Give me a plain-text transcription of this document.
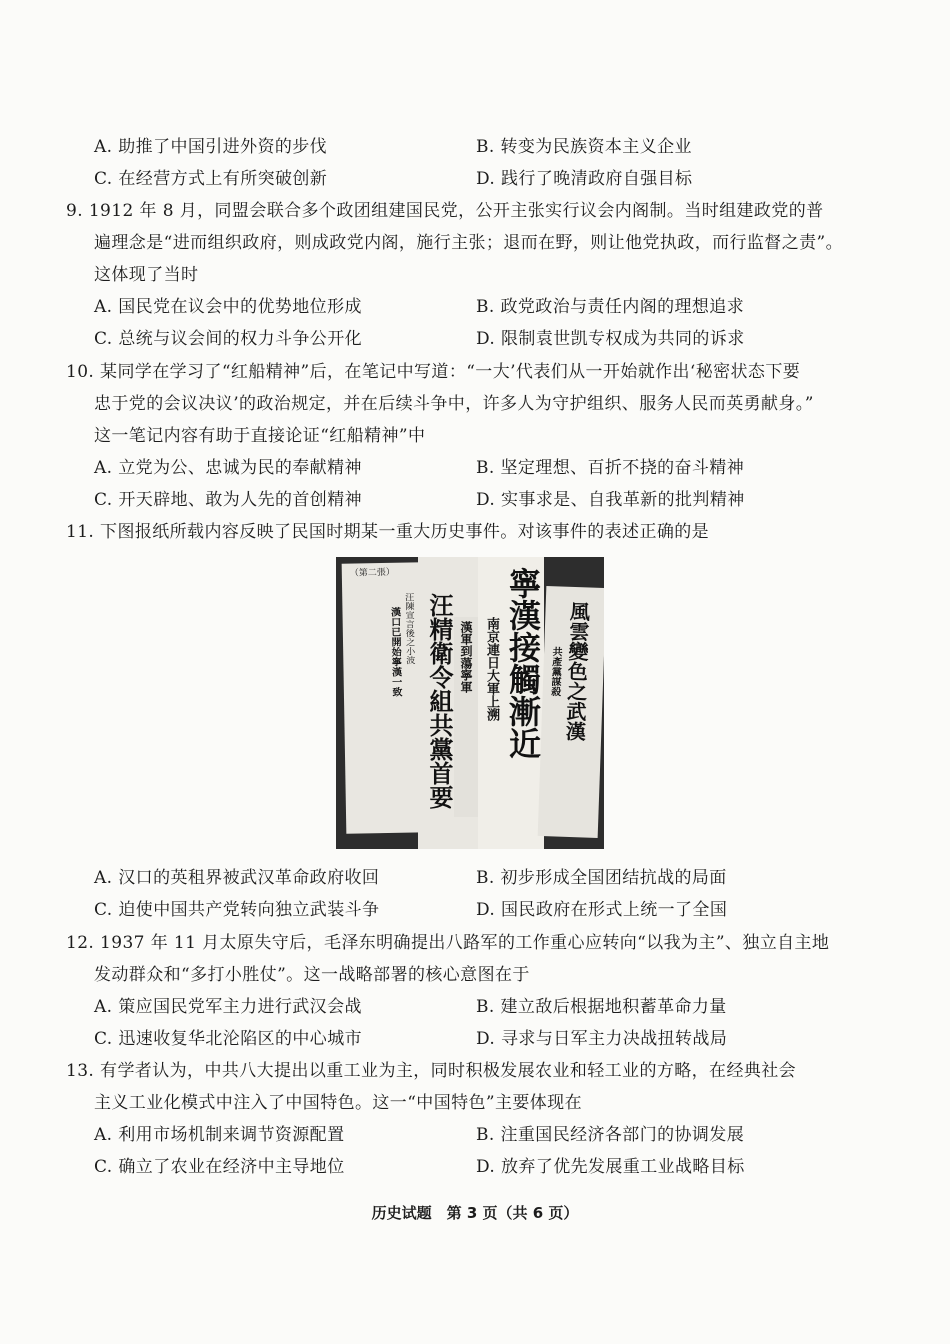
A. 助推了中国引进外资的步伐	B. 转变为民族资本主义企业
C. 在经营方式上有所突破创新	D. 践行了晚清政府自强目标
9. 1912 年 8 月，同盟会联合多个政团组建国民党，公开主张实行议会内阁制。当时组建政党的普
遍理念是“进而组织政府，则成政党内阁，施行主张；退而在野，则让他党执政，而行监督之责”。
这体现了当时
A. 国民党在议会中的优势地位形成	B. 政党政治与责任内阁的理想追求
C. 总统与议会间的权力斗争公开化	D. 限制袁世凯专权成为共同的诉求
10. 某同学在学习了“红船精神”后，在笔记中写道：“一大’代表们从一开始就作出‘秘密状态下要
忠于党的会议决议’的政治规定，并在后续斗争中，许多人为守护组织、服务人民而英勇献身。”
这一笔记内容有助于直接论证“红船精神”中
A. 立党为公、忠诚为民的奉献精神	B. 坚定理想、百折不挠的奋斗精神
C. 开天辟地、敢为人先的首创精神	D. 实事求是、自我革新的批判精神
11. 下图报纸所载内容反映了民国时期某一重大历史事件。对该事件的表述正确的是
（第二張）
汪陳宣言後之小波
漢口已開始寧漢一致
　　 汪精衛令組共黨首要 寧漢接觸漸近
南京連日大軍上溯
漢軍到蕩寧軍	風雲變色之武漢
共產黨謀殺
A. 汉口的英租界被武汉革命政府收回	B. 初步形成全国团结抗战的局面
C. 迫使中国共产党转向独立武装斗争	D. 国民政府在形式上统一了全国
12. 1937 年 11 月太原失守后，毛泽东明确提出八路军的工作重心应转向“以我为主”、独立自主地
发动群众和“多打小胜仗”。这一战略部署的核心意图在于
A. 策应国民党军主力进行武汉会战	B. 建立敌后根据地积蓄革命力量
C. 迅速收复华北沦陷区的中心城市	D. 寻求与日军主力决战扭转战局
13. 有学者认为，中共八大提出以重工业为主，同时积极发展农业和轻工业的方略，在经典社会
主义工业化模式中注入了中国特色。这一“中国特色”主要体现在
A. 利用市场机制来调节资源配置	B. 注重国民经济各部门的协调发展
C. 确立了农业在经济中主导地位	D. 放弃了优先发展重工业战略目标
历史试题　第 3 页（共 6 页）
